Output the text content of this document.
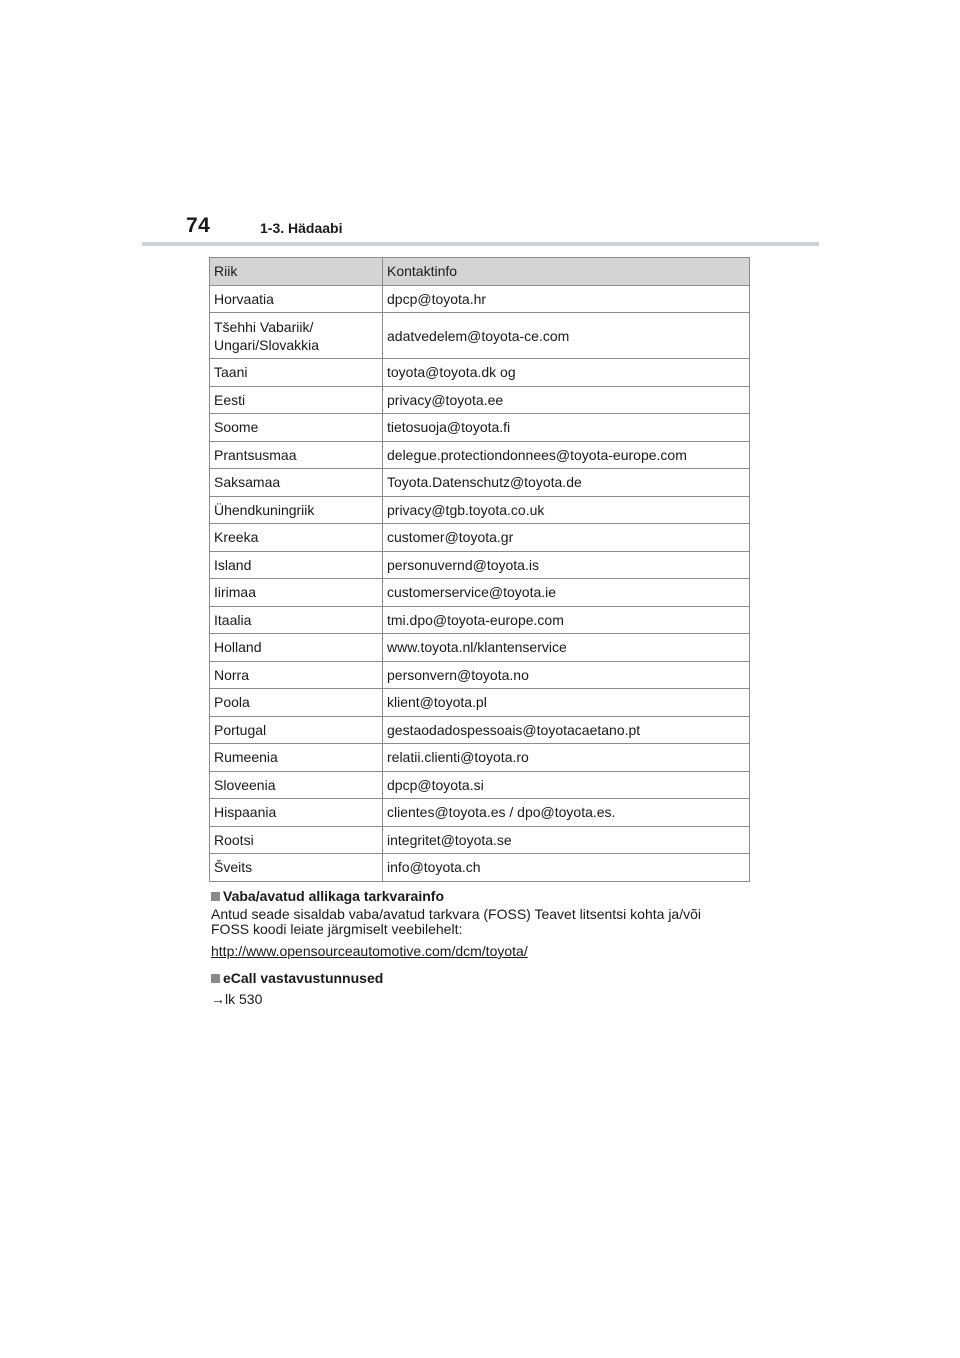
74	1-3. Hädaabi
Riik	Kontaktinfo

Horvaatia	dpcp@toyota.hr

Tšehhi Vabariik/
Ungari/Slovakkia	adatvedelem@toyota-ce.com

Taani	toyota@toyota.dk og

Eesti	privacy@toyota.ee

Soome	tietosuoja@toyota.fi

Prantsusmaa	delegue.protectiondonnees@toyota-europe.com

Saksamaa	Toyota.Datenschutz@toyota.de

Ühendkuningriik	privacy@tgb.toyota.co.uk

Kreeka	customer@toyota.gr

Island	personuvernd@toyota.is

Iirimaa	customerservice@toyota.ie

Itaalia	tmi.dpo@toyota-europe.com

Holland	www.toyota.nl/klantenservice

Norra	personvern@toyota.no

Poola	klient@toyota.pl

Portugal	gestaodadospessoais@toyotacaetano.pt

Rumeenia	relatii.clienti@toyota.ro

Sloveenia	dpcp@toyota.si

Hispaania	clientes@toyota.es / dpo@toyota.es.

Rootsi	integritet@toyota.se

Šveits	info@toyota.ch
Vaba/avatud allikaga tarkvarainfo
Antud seade sisaldab vaba/avatud tarkvara (FOSS) Teavet litsentsi kohta ja/või
FOSS koodi leiate järgmiselt veebilehelt:
http://www.opensourceautomotive.com/dcm/toyota/
eCall vastavustunnused
→lk 530
